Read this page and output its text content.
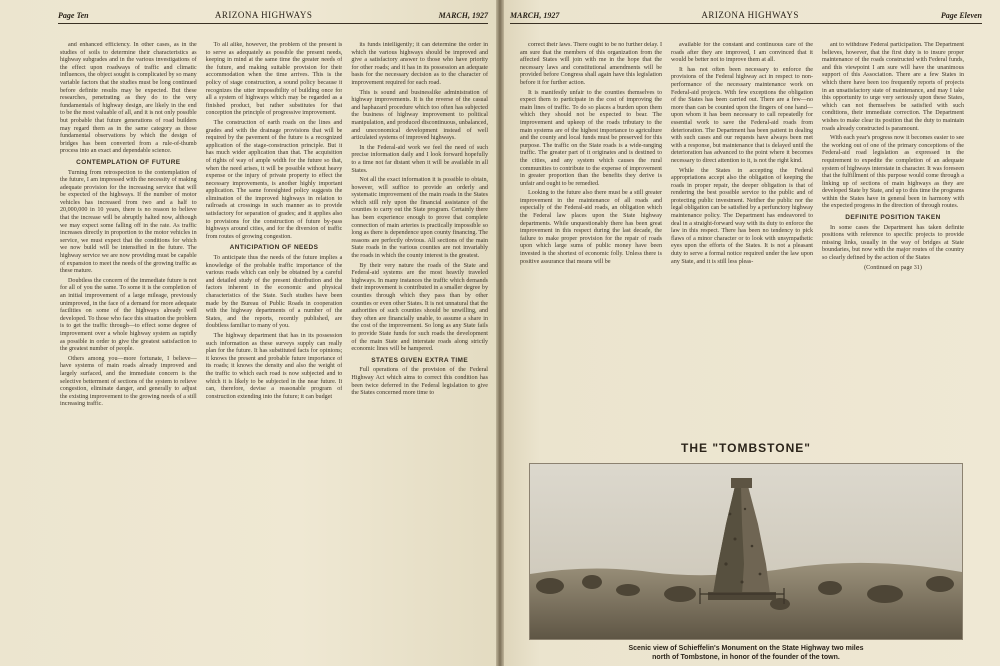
Page Ten	ARIZONA HIGHWAYS	MARCH, 1927

and enhanced efficiency. In other cases, as in the studies of soils to determine their characteristics as highway subgrades and in the various investigations of the effect upon roadways of traffic and climatic influences, the object sought is complicated by so many variable factors that the studies must be long continued before definite results may be expected. But these researches, penetrating as they do to the very fundamentals of highway design, are likely in the end to be the most valuable of all, and it is not only possible but probable that future generations of road builders may regard them as in the same category as those fundamental observations by which the design of bridges has been converted from a rule-of-thumb process into an exact and dependable science.

CONTEMPLATION OF FUTURE

Turning from retrospection to the contemplation of the future, I am impressed with the necessity of making adequate provision for the increasing service that will be expected of the highways. If the number of motor vehicles has increased from two and a half to 20,000,000 in 10 years, there is no reason to believe that the increase will be abruptly halted now, although we may expect some falling off in the rate. As traffic increases directly in proportion to the motor vehicles in service, we must expect that the conditions for which we now build will be intensified in the future. The highway service we are now providing must be capable of expansion to meet the needs of the growing traffic as these mature.

Doubtless the concern of the immediate future is not for all of you the same. To some it is the completion of an initial improvement of a large mileage, previously unimproved, in the face of a demand for more adequate facilities on some of the highways already well developed. To those who face this situation the problem is to get the traffic through—to effect some degree of improvement over a whole highway system as rapidly as possible in order to give the greatest satisfaction to the greatest number of people.

Others among you—more fortunate, I believe—have systems of main roads already improved and largely surfaced, and the immediate concern is the selective betterment of sections of the system to relieve congestion, eliminate danger, and generally to adjust the existing improvement to the growing needs of a still increasing traffic.

To all alike, however, the problem of the present is to serve as adequately as possible the present needs, keeping in mind at the same time the greater needs of the future, and making suitable provision for their accommodation when the time arrives. This is the policy of stage construction, a sound policy because it recognizes the utter impossibility of building once for all a system of highways which may be regarded as a finished product, but rather substitutes for that conception the principle of progressive improvement.

The construction of earth roads on the lines and grades and with the drainage provisions that will be required by the pavement of the future is a recognized application of the stage-construction principle. But it has much wider application than that. The acquisition of rights of way of ample width for the future so that, when the need arises, it will be possible without heavy expense or the injury of private property to effect the necessary improvements, is another highly important application. The same foresighted policy suggests the elimination of the improved highways in relation to railroads at crossings in such manner as to provide satisfactory for separation of grades; and it applies also to provisions for the construction of future by-pass highways around cities, and for the diversion of traffic from routes of growing congestion.

ANTICIPATION OF NEEDS

To anticipate thus the needs of the future implies a knowledge of the probable traffic importance of the various roads which can only be obtained by a careful and detailed study of the present distribution and the factors inherent in the economic and physical characteristics of the State. Such studies have been made by the Bureau of Public Roads in cooperation with the highway departments of a number of the States, and the reports, recently published, are doubtless familiar to many of you.

The highway department that has in its possession such information as these surveys supply can really plan for the future. It has substituted facts for opinions; it knows the present and probable future importance of its roads; it knows the density and also the weight of the traffic to which each road is now subjected and to which it is likely to be subjected in the near future. It can, therefore, devise a reasonable program of construction extending into the future; it can budget

its funds intelligently; it can determine the order in which the various highways should be improved and give a satisfactory answer to those who have priority for other roads; and it has in its possession an adequate basis for the necessary decision as to the character of improvement required for each road.

This is sound and businesslike administration of highway improvements. It is the reverse of the casual and haphazard procedure which too often has subjected the business of highway improvement to political manipulation, and produced discontinuous, unbalanced, and uneconomical development instead of well articulated systems of improved highways.

In the Federal-aid work we feel the need of such precise information daily and I look forward hopefully to a time not far distant when it will be available in all States.

Not all the exact information it is possible to obtain, however, will suffice to provide an orderly and systematic improvement of the main roads in the States which still rely upon the financial assistance of the counties to carry out the State program. Certainly there has been experience enough to prove that complete connection of main arteries is practically impossible so long as there is dependence upon county financing. The reasons are perfectly obvious. All sections of the main State roads in the various counties are not invariably the roads in which the county interest is the greatest.

By their very nature the roads of the State and Federal-aid systems are the most heavily traveled highways. In many instances the traffic which demands their improvement is contributed in a smaller degree by counties through which they pass than by other counties or even other States. It is not unnatural that the authorities of such counties should be unwilling, and they often are financially unable, to assume a share in the cost of the improvement. So long as any State fails to provide State funds for such roads the development of the main State and interstate roads along strictly economic lines will be hampered.

STATES GIVEN EXTRA TIME

Full operations of the provision of the Federal Highway Act which aims to correct this condition has been twice deferred in the Federal legislation to give the States concerned more time to

MARCH, 1927	ARIZONA HIGHWAYS	Page Eleven

correct their laws. There ought to be no further delay. I am sure that the members of this organization from the affected States will join with me in the hope that the necessary laws and constitutional amendments will be provided before Congress shall again have this legislation before it for further action.

It is manifestly unfair to the counties themselves to expect them to participate in the cost of improving the main lines of traffic. To do so places a burden upon them which they should not be expected to bear. The improvement and upkeep of the roads tributary to the main systems are of the highest importance to agriculture and the county and local funds must be preserved for this purpose. The traffic on the State roads is a wide-ranging traffic. The greater part of it originates and is destined to the cities, and any system which causes the rural communities to contribute to the expense of improvement in greater proportion than the benefits they derive is unfair and ought to be remedied.

Looking to the future also there must be a still greater improvement in the maintenance of all roads and especially of the Federal-aid roads, an obligation which the Federal law places upon the State highway departments. While unquestionably there has been great improvement in this respect during the last decade, the failure to make proper provision for the repair of roads upon which large sums of public money have been invested is the shortest of economic folly. Unless there is positive assurance that means will be

available for the constant and continuous care of the roads after they are improved, I am convinced that it would be better not to improve them at all.

It has not often been necessary to enforce the provisions of the Federal highway act in respect to non-performance of the necessary maintenance work on Federal-aid projects. With few exceptions the obligation of the States has been carried out. There are a few—no more than can be counted upon the fingers of one hand—upon whom it has been necessary to call repeatedly for essential work to save the Federal-aid roads from deterioration. The Department has been patient in dealing with such cases and our requests have always been met with a response, but maintenance that is delayed until the deterioration has advanced to the point where it becomes necessary to direct attention to it, is not the right kind.

While the States in accepting the Federal appropriations accept also the obligation of keeping the roads in proper repair, the deeper obligation is that of rendering the best possible service to the public and of protecting public investment. Neither the public nor the legal obligation can be satisfied by a perfunctory highway maintenance policy. The Department has endeavored to deal in a straight-forward way with its duty to enforce the law in this respect. There has been no tendency to pick flaws of a minor character or to look with unsympathetic eyes upon the efforts of the States. It is not a pleasant duty to serve a formal notice required under the law upon any State, and it is still less pleas-

ant to withdraw Federal participation. The Department believes, however, that the first duty is to insure proper maintenance of the roads constructed with Federal funds, and this viewpoint I am sure will have the unanimous support of this Association. There are a few States in which there have been too frequently reports of projects in an unsatisfactory state of maintenance, and may I take this opportunity to urge very seriously upon these States, which can not themselves be satisfied with such conditions, their immediate correction. The Department wishes to make clear its position that the duty to maintain roads already constructed is paramount.

With each year's progress now it becomes easier to see the working out of one of the primary conceptions of the Federal-aid road legislation as expressed in the requirement to expedite the completion of an adequate system of highways interstate in character. It was foreseen that the fulfillment of this purpose would come through a linking up of sections of main highways as they are developed State by State, and up to this time the programs within the States have in general been in harmony with the expected progress in the direction of through routes.

DEFINITE POSITION TAKEN

In some cases the Department has taken definite positions with reference to specific projects to provide missing links, usually in the way of bridges at State boundaries, but now with the major routes of the country so clearly defined by the action of the States

(Continued on page 31)

THE "TOMBSTONE"
Scenic view of Schieffelin's Monument on the State Highway two miles
north of Tombstone, in honor of the founder of the town.
